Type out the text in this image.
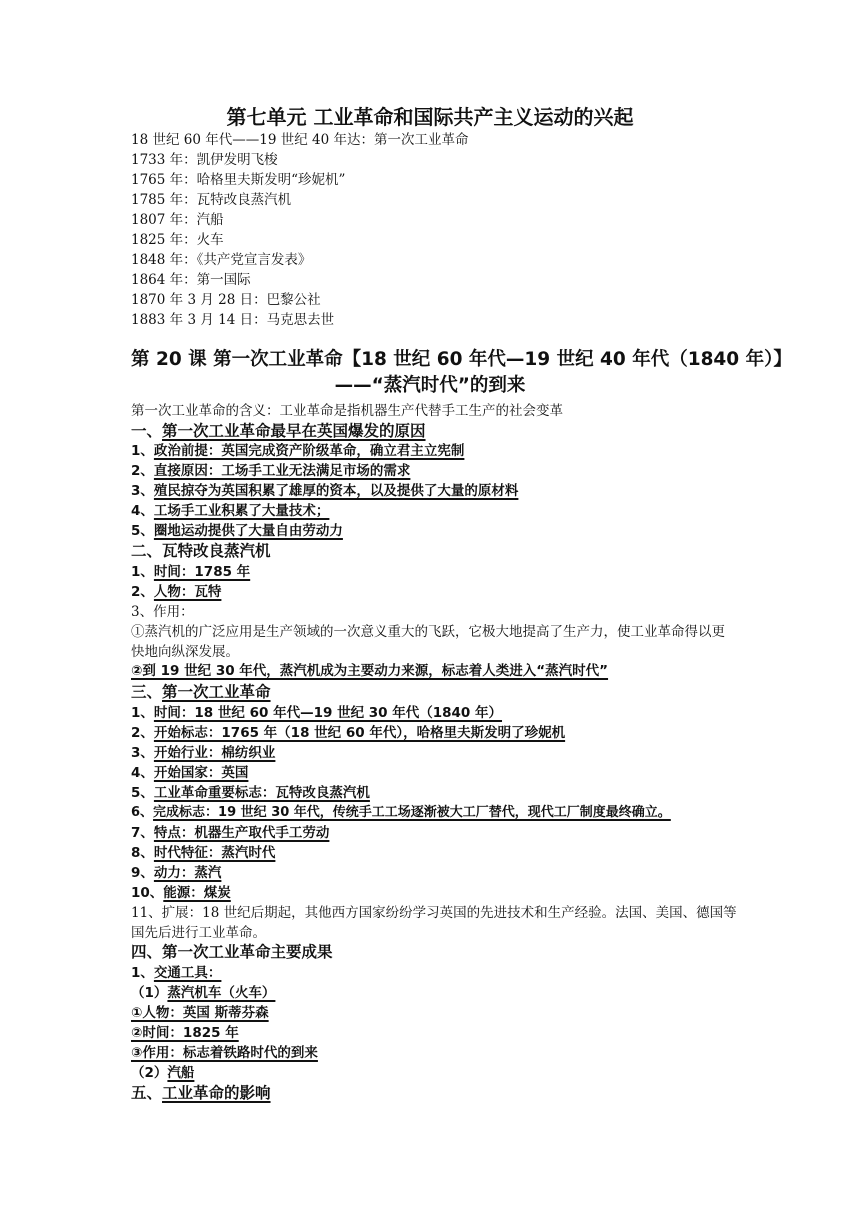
第七单元 工业革命和国际共产主义运动的兴起
18 世纪 60 年代——19 世纪 40 年达：第一次工业革命
1733 年：凯伊发明飞梭
1765 年：哈格里夫斯发明“珍妮机”
1785 年：瓦特改良蒸汽机
1807 年：汽船
1825 年：火车
1848 年：《共产党宣言发表》
1864 年：第一国际
1870 年 3 月 28 日：巴黎公社
1883 年 3 月 14 日：马克思去世
第 20 课 第一次工业革命【18 世纪 60 年代—19 世纪 40 年代（1840 年）】
——“蒸汽时代”的到来
第一次工业革命的含义：工业革命是指机器生产代替手工生产的社会变革
一、第一次工业革命最早在英国爆发的原因
1、政治前提：英国完成资产阶级革命，确立君主立宪制
2、直接原因：工场手工业无法满足市场的需求
3、殖民掠夺为英国积累了雄厚的资本，以及提供了大量的原材料
4、工场手工业积累了大量技术；
5、圈地运动提供了大量自由劳动力
二、瓦特改良蒸汽机
1、时间：1785 年
2、人物：瓦特
3、作用：
①蒸汽机的广泛应用是生产领域的一次意义重大的飞跃，它极大地提高了生产力，使工业革命得以更快地向纵深发展。
②到 19 世纪 30 年代，蒸汽机成为主要动力来源，标志着人类进入“蒸汽时代”
三、第一次工业革命
1、时间：18 世纪 60 年代—19 世纪 30 年代（1840 年）
2、开始标志：1765 年（18 世纪 60 年代），哈格里夫斯发明了珍妮机
3、开始行业：棉纺织业
4、开始国家：英国
5、工业革命重要标志：瓦特改良蒸汽机
6、完成标志：19 世纪 30 年代，传统手工工场逐渐被大工厂替代，现代工厂制度最终确立。
7、特点：机器生产取代手工劳动
8、时代特征：蒸汽时代
9、动力：蒸汽
10、能源：煤炭
11、扩展：18 世纪后期起，其他西方国家纷纷学习英国的先进技术和生产经验。法国、美国、德国等国先后进行工业革命。
四、第一次工业革命主要成果
1、交通工具：
（1）蒸汽机车（火车）
①人物：英国 斯蒂芬森
②时间：1825 年
③作用：标志着铁路时代的到来
（2）汽船
五、工业革命的影响
